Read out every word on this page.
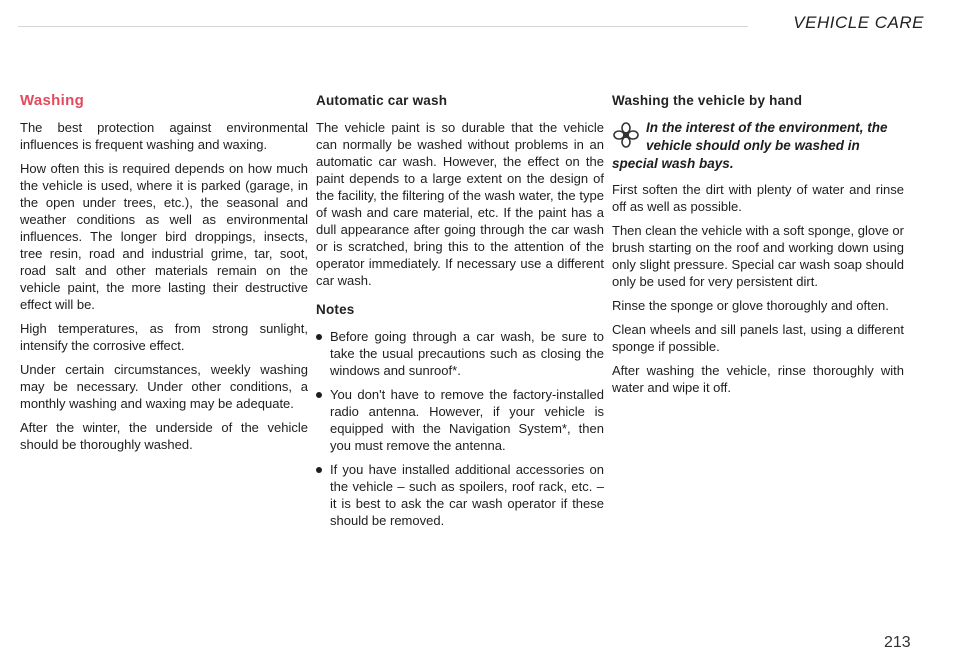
VEHICLE CARE
Washing

The best protection against environmental influences is frequent washing and waxing.

How often this is required depends on how much the vehicle is used, where it is parked (garage, in the open under trees, etc.), the seasonal and weather conditions as well as environmental influences. The longer bird droppings, insects, tree resin, road and industrial grime, tar, soot, road salt and other materials remain on the vehicle paint, the more lasting their destructive effect will be.

High temperatures, as from strong sunlight, intensify the corrosive effect.

Under certain circumstances, weekly washing may be necessary. Under other conditions, a monthly washing and waxing may be adequate.

After the winter, the underside of the vehicle should be thoroughly washed.

Automatic car wash

The vehicle paint is so durable that the vehicle can normally be washed without problems in an automatic car wash. However, the effect on the paint depends to a large extent on the design of the facility, the filtering of the wash water, the type of wash and care material, etc. If the paint has a dull appearance after going through the car wash or is scratched, bring this to the attention of the operator immediately. If necessary use a different car wash.

Notes

Before going through a car wash, be sure to take the usual precautions such as closing the windows and sunroof*.

You don't have to remove the factory-installed radio antenna. However, if your vehicle is equipped with the Navigation System*, then you must remove the antenna.

If you have installed additional accessories on the vehicle – such as spoilers, roof rack, etc. – it is best to ask the car wash operator if these should be removed.

Washing the vehicle by hand
In the interest of the environment, the vehicle should only be washed in special wash bays.

First soften the dirt with plenty of water and rinse off as well as possible.

Then clean the vehicle with a soft sponge, glove or brush starting on the roof and working down using only slight pressure. Special car wash soap should only be used for very persistent dirt.

Rinse the sponge or glove thoroughly and often.

Clean wheels and sill panels last, using a different sponge if possible.

After washing the vehicle, rinse thoroughly with water and wipe it off.

213
